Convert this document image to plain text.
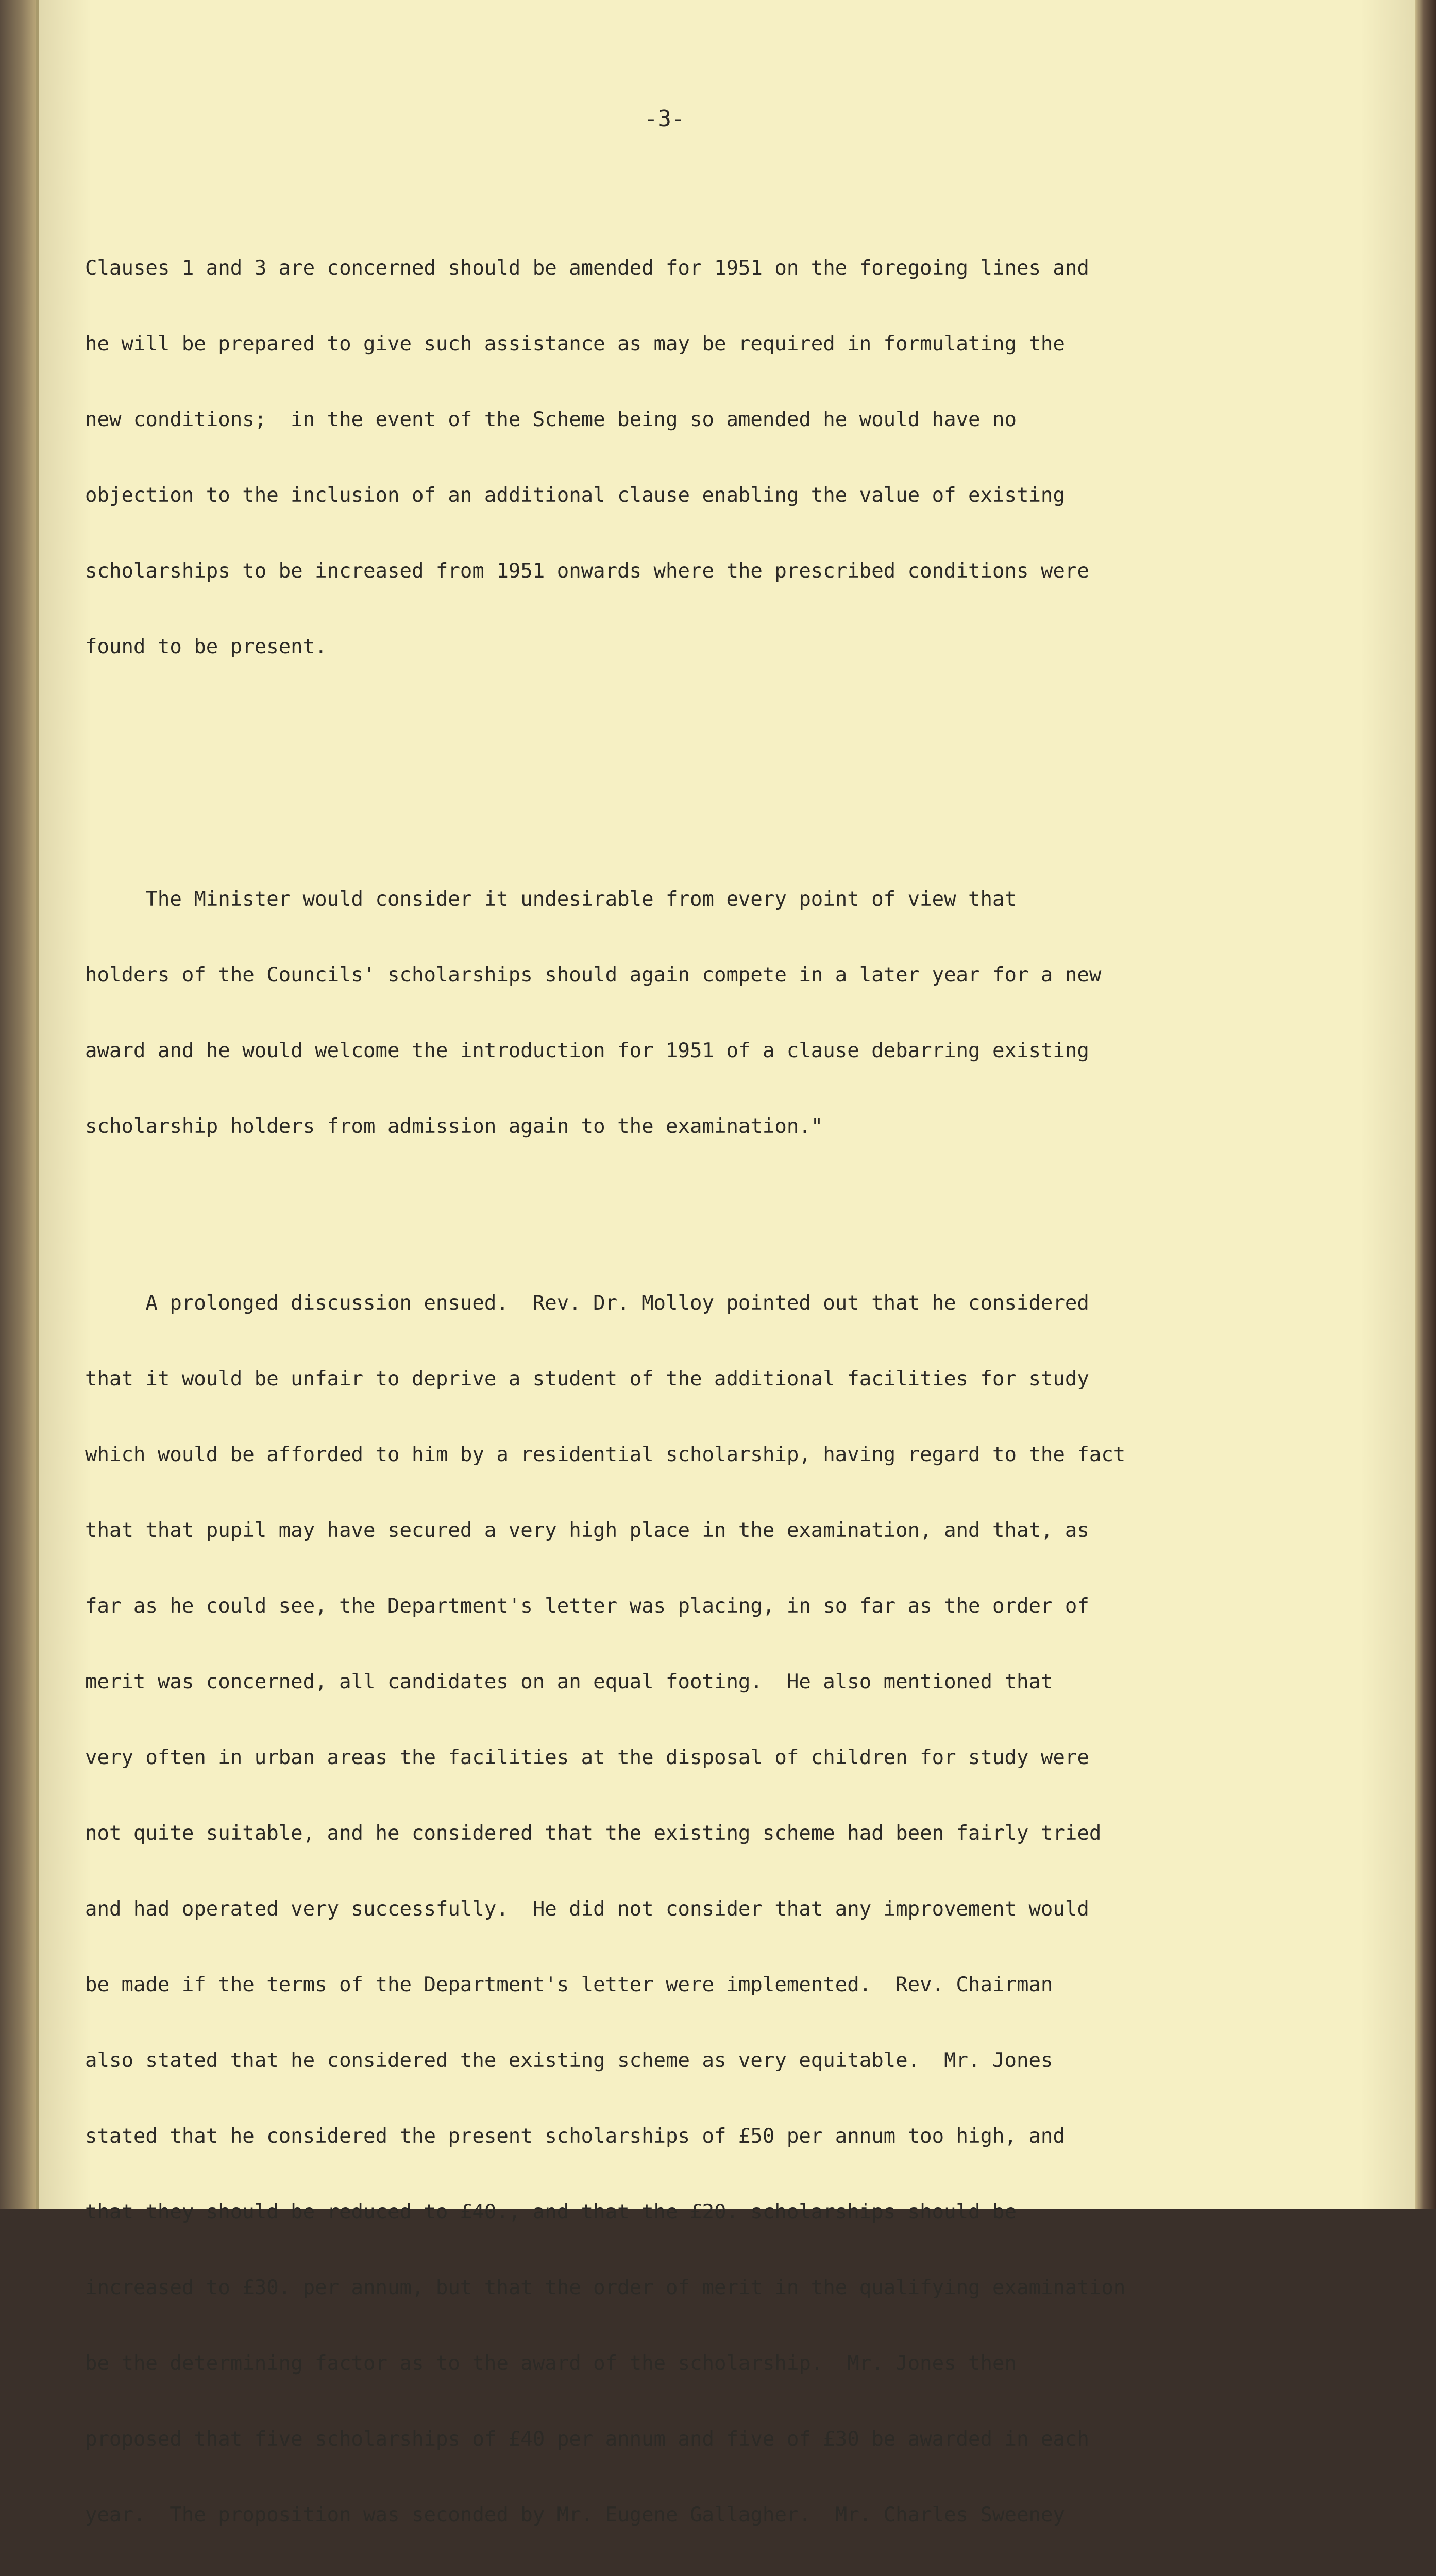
-3-

Clauses 1 and 3 are concerned should be amended for 1951 on the foregoing lines and

he will be prepared to give such assistance as may be required in formulating the

new conditions;  in the event of the Scheme being so amended he would have no

objection to the inclusion of an additional clause enabling the value of existing

scholarships to be increased from 1951 onwards where the prescribed conditions were

found to be present.

The Minister would consider it undesirable from every point of view that

holders of the Councils' scholarships should again compete in a later year for a new

award and he would welcome the introduction for 1951 of a clause debarring existing

scholarship holders from admission again to the examination."

A prolonged discussion ensued.  Rev. Dr. Molloy pointed out that he considered

that it would be unfair to deprive a student of the additional facilities for study

which would be afforded to him by a residential scholarship, having regard to the fact

that that pupil may have secured a very high place in the examination, and that, as

far as he could see, the Department's letter was placing, in so far as the order of

merit was concerned, all candidates on an equal footing.  He also mentioned that

very often in urban areas the facilities at the disposal of children for study were

not quite suitable, and he considered that the existing scheme had been fairly tried

and had operated very successfully.  He did not consider that any improvement would

be made if the terms of the Department's letter were implemented.  Rev. Chairman

also stated that he considered the existing scheme as very equitable.  Mr. Jones

stated that he considered the present scholarships of £50 per annum too high, and

that they should be reduced to £40., and that the £20. scholarships should be

increased to £30. per annum, but that the order of merit in the qualifying examination

be the determining factor as to the award of the scholarship.  Mr. Jones then

proposed that five scholarships of £40 per annum and five of £30 be awarded in each

year.  The proposition was seconded by Mr. Eugene Gallagher.  Mr. Charles Sweeney
